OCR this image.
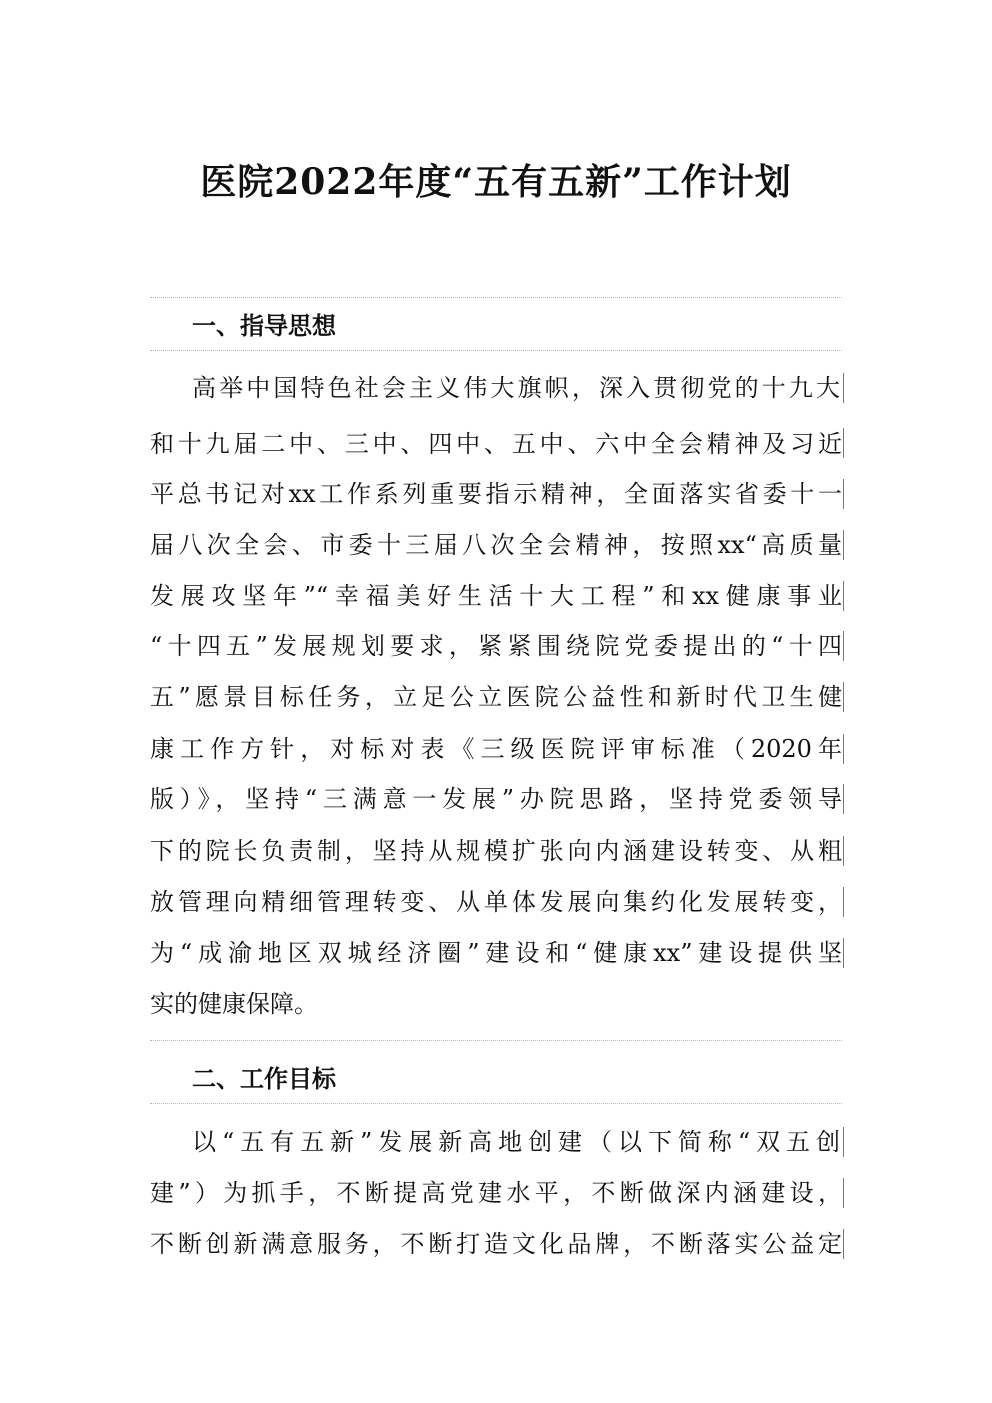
医院2022年度“五有五新”工作计划
一、指导思想
高举中国特色社会主义伟大旗帜，深入贯彻党的十九大
和十九届二中、三中、四中、五中、六中全会精神及习近
平总书记对xx工作系列重要指示精神，全面落实省委十一
届八次全会、市委十三届八次全会精神，按照xx“高质量
发展攻坚年”“幸福美好生活十大工程”和xx健康事业
“十四五”发展规划要求，紧紧围绕院党委提出的“十四
五”愿景目标任务，立足公立医院公益性和新时代卫生健
康工作方针，对标对表《三级医院评审标准（2020年
版）》，坚持“三满意一发展”办院思路，坚持党委领导
下的院长负责制，坚持从规模扩张向内涵建设转变、从粗
放管理向精细管理转变、从单体发展向集约化发展转变，
为“成渝地区双城经济圈”建设和“健康xx”建设提供坚
实的健康保障。
二、工作目标
以“五有五新”发展新高地创建（以下简称“双五创
建”）为抓手，不断提高党建水平，不断做深内涵建设，
不断创新满意服务，不断打造文化品牌，不断落实公益定
